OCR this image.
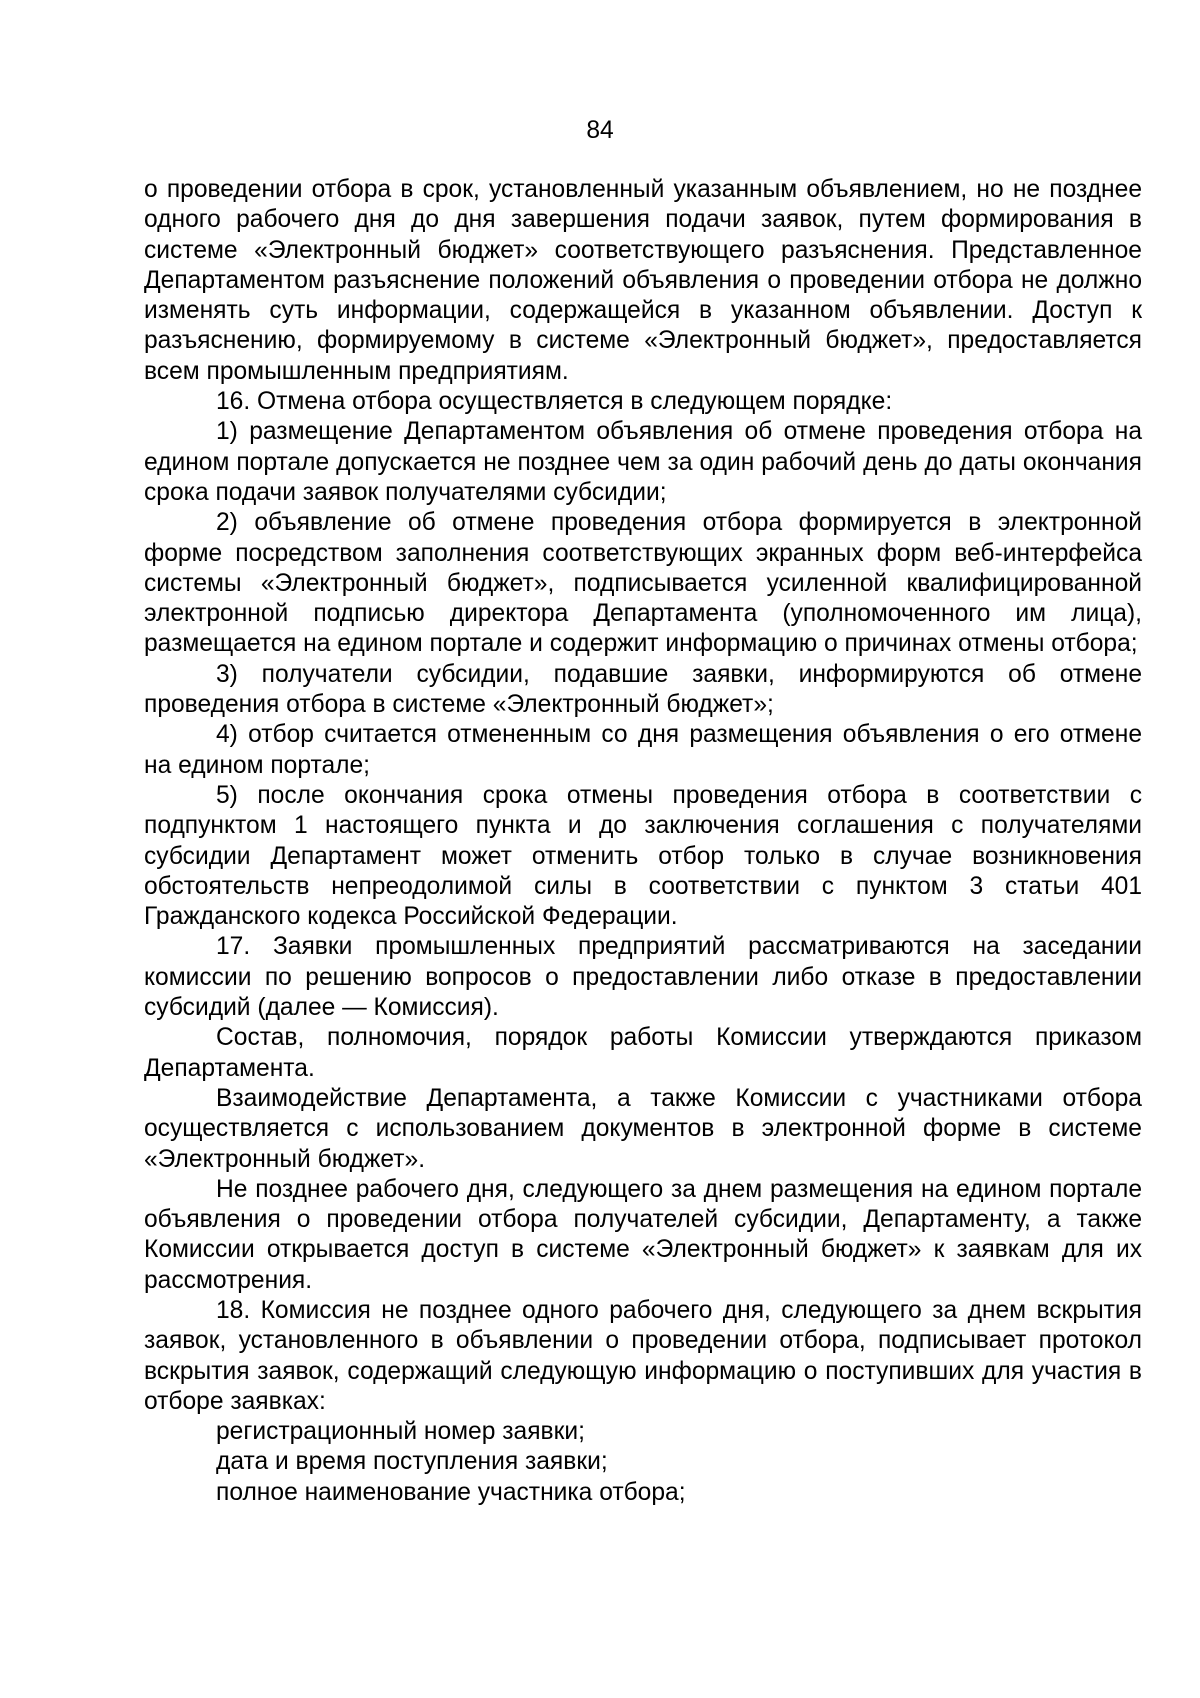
84

о проведении отбора в срок, установленный указанным объявлением, но не позднее одного рабочего дня до дня завершения подачи заявок, путем формирования в системе «Электронный бюджет» соответствующего разъяснения. Представленное Департаментом разъяснение положений объявления о проведении отбора не должно изменять суть информации, содержащейся в указанном объявлении. Доступ к разъяснению, формируемому в системе «Электронный бюджет», предоставляется всем промышленным предприятиям.

16. Отмена отбора осуществляется в следующем порядке:

1) размещение Департаментом объявления об отмене проведения отбора на едином портале допускается не позднее чем за один рабочий день до даты окончания срока подачи заявок получателями субсидии;

2) объявление об отмене проведения отбора формируется в электронной форме посредством заполнения соответствующих экранных форм веб-интерфейса системы «Электронный бюджет», подписывается усиленной квалифицированной электронной подписью директора Департамента (уполномоченного им лица), размещается на едином портале и содержит информацию о причинах отмены отбора;

3) получатели субсидии, подавшие заявки, информируются об отмене проведения отбора в системе «Электронный бюджет»;

4) отбор считается отмененным со дня размещения объявления о его отмене на едином портале;

5) после окончания срока отмены проведения отбора в соответствии с подпунктом 1 настоящего пункта и до заключения соглашения с получателями субсидии Департамент может отменить отбор только в случае возникновения обстоятельств непреодолимой силы в соответствии с пунктом 3 статьи 401 Гражданского кодекса Российской Федерации.

17. Заявки промышленных предприятий рассматриваются на заседании комиссии по решению вопросов о предоставлении либо отказе в предоставлении субсидий (далее — Комиссия).

Состав, полномочия, порядок работы Комиссии утверждаются приказом Департамента.

Взаимодействие Департамента, а также Комиссии с участниками отбора осуществляется с использованием документов в электронной форме в системе «Электронный бюджет».

Не позднее рабочего дня, следующего за днем размещения на едином портале объявления о проведении отбора получателей субсидии, Департаменту, а также Комиссии открывается доступ в системе «Электронный бюджет» к заявкам для их рассмотрения.

18. Комиссия не позднее одного рабочего дня, следующего за днем вскрытия заявок, установленного в объявлении о проведении отбора, подписывает протокол вскрытия заявок, содержащий следующую информацию о поступивших для участия в отборе заявках:

регистрационный номер заявки;

дата и время поступления заявки;

полное наименование участника отбора;
